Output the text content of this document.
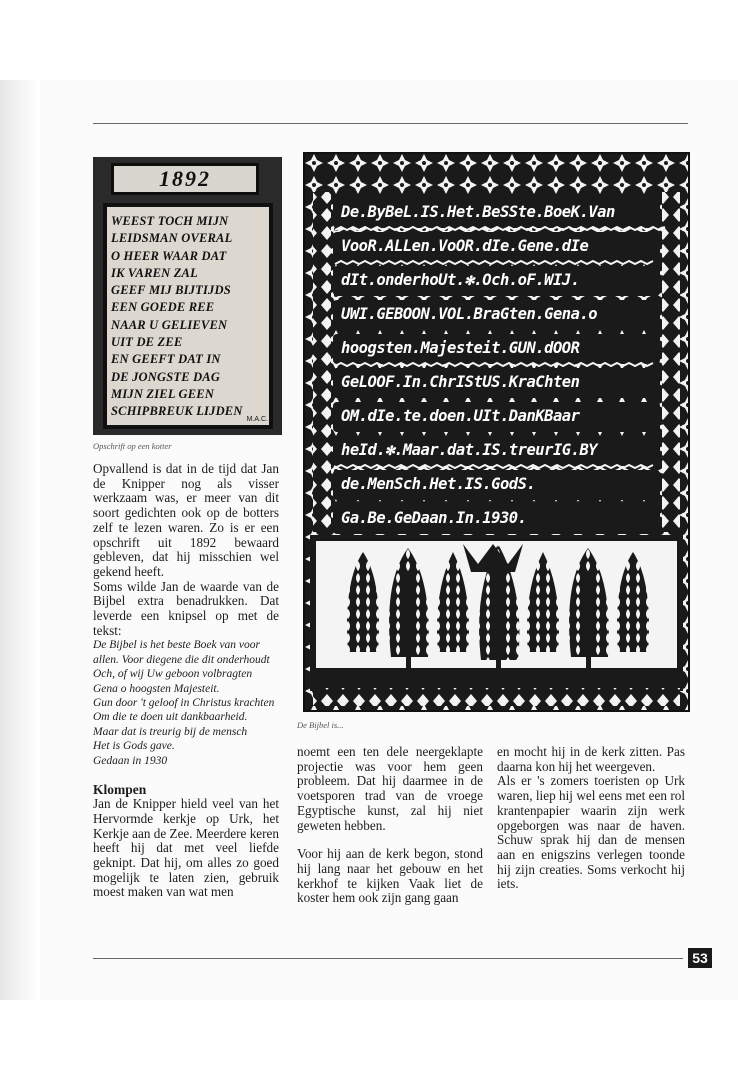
1892
WEEST TOCH MIJN
LEIDSMAN OVERAL
O HEER WAAR DAT
IK VAREN ZAL
GEEF MIJ BIJTIJDS
EEN GOEDE REE
NAAR U GELIEVEN
UIT DE ZEE
EN GEEFT DAT IN
DE JONGSTE DAG
MIJN ZIEL GEEN
SCHIPBREUK LIJDEN
M.A.C.
Opschrift op een kotter
De.ByBeL.IS.Het.BeSSte.BoeK.Van
VooR.ALLen.VoOR.dIe.Gene.dIe
dIt.onderhoUt.✻.Och.oF.WIJ.
UWI.GEBOON.VOL.BraGten.Gena.o
hoogsten.Majesteit.GUN.dOOR
GeLOOF.In.ChrIStUS.KraChten
OM.dIe.te.doen.UIt.DanKBaar
heId.✻.Maar.dat.IS.treurIG.BY
de.MenSch.Het.IS.GodS.
Ga.Be.GeDaan.In.1930.
De Bijbel is...

Opvallend is dat in de tijd dat Jan de Knipper nog als visser werkzaam was, er meer van dit soort gedichten ook op de botters zelf te lezen waren. Zo is er een opschrift uit 1892 bewaard gebleven, dat hij misschien wel gekend heeft.

Soms wilde Jan de waarde van de Bijbel extra benadrukken. Dat leverde een knipsel op met de tekst:

De Bijbel is het beste Boek van voor
allen. Voor diegene die dit onderhoudt
Och, of wij Uw geboon volbragten
Gena o hoogsten Majesteit.
Gun door 't geloof in Christus krachten
Om die te doen uit dankbaarheid.
Maar dat is treurig bij de mensch
Het is Gods gave.
Gedaan in 1930

Klompen

Jan de Knipper hield veel van het Hervormde kerkje op Urk, het Kerkje aan de Zee. Meerdere keren heeft hij dat met veel liefde geknipt. Dat hij, om alles zo goed mogelijk te laten zien, gebruik moest maken van wat men

noemt een ten dele neergeklapte projectie was voor hem geen probleem. Dat hij daarmee in de voetsporen trad van de vroege Egyptische kunst, zal hij niet geweten hebben.

Voor hij aan de kerk begon, stond hij lang naar het gebouw en het kerkhof te kijken Vaak liet de koster hem ook zijn gang gaan

en mocht hij in de kerk zitten. Pas daarna kon hij het weergeven.

Als er 's zomers toeristen op Urk waren, liep hij wel eens met een rol krantenpapier waarin zijn werk opgeborgen was naar de haven. Schuw sprak hij dan de mensen aan en enigszins verlegen toonde hij zijn creaties. Soms verkocht hij iets.

53
